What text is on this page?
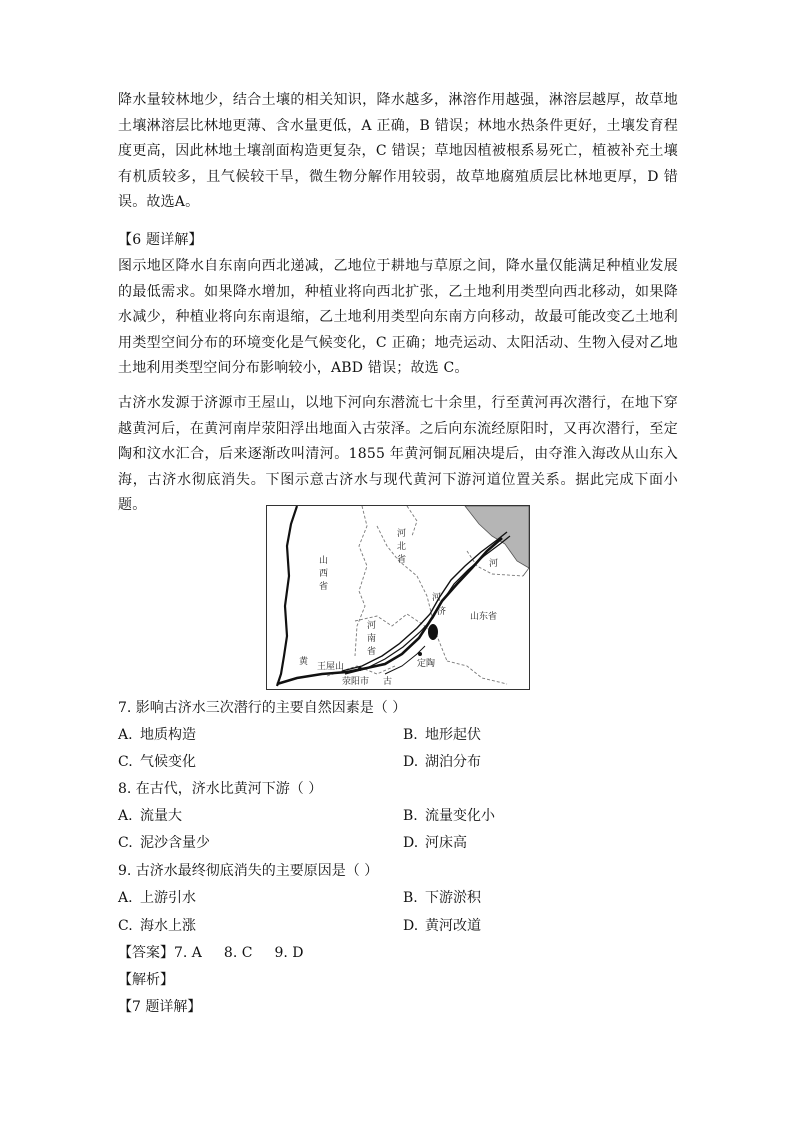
降水量较林地少，结合土壤的相关知识，降水越多，淋溶作用越强，淋溶层越厚，故草地土壤淋溶层比林地更薄、含水量更低，A 正确，B 错误；林地水热条件更好，土壤发育程度更高，因此林地土壤剖面构造更复杂，C 错误；草地因植被根系易死亡，植被补充土壤有机质较多，且气候较干旱，微生物分解作用较弱，故草地腐殖质层比林地更厚，D 错误。故选A。

【6 题详解】

图示地区降水自东南向西北递减，乙地位于耕地与草原之间，降水量仅能满足种植业发展的最低需求。如果降水增加，种植业将向西北扩张，乙土地利用类型向西北移动，如果降水减少，种植业将向东南退缩，乙土地利用类型向东南方向移动，故最可能改变乙土地利用类型空间分布的环境变化是气候变化，C 正确；地壳运动、太阳活动、生物入侵对乙地土地利用类型空间分布影响较小，ABD 错误；故选 C。

古济水发源于济源市王屋山，以地下河向东潜流七十余里，行至黄河再次潜行，在地下穿越黄河后，在黄河南岸荥阳浮出地面入古荥泽。之后向东流经原阳时，又再次潜行，至定陶和汶水汇合，后来逐渐改叫清河。1855 年黄河铜瓦厢决堤后，由夺淮入海改从山东入海，古济水彻底消失。下图示意古济水与现代黄河下游河道位置关系。据此完成下面小题。

山
西
省
河
北
省
河
南
省
山东省
河
河
济
黄 王屋山
荥阳市 古
定陶
7. 影响古济水三次潜行的主要自然因素是（ ）
A. 地质构造	B. 地形起伏
C. 气候变化	D. 湖泊分布
8. 在古代，济水比黄河下游（ ）
A. 流量大	B. 流量变化小
C. 泥沙含量少	D. 河床高
9. 古济水最终彻底消失的主要原因是（ ）
A. 上游引水	B. 下游淤积
C. 海水上涨	D. 黄河改道
【答案】7. A 8. C 9. D
【解析】
【7 题详解】
